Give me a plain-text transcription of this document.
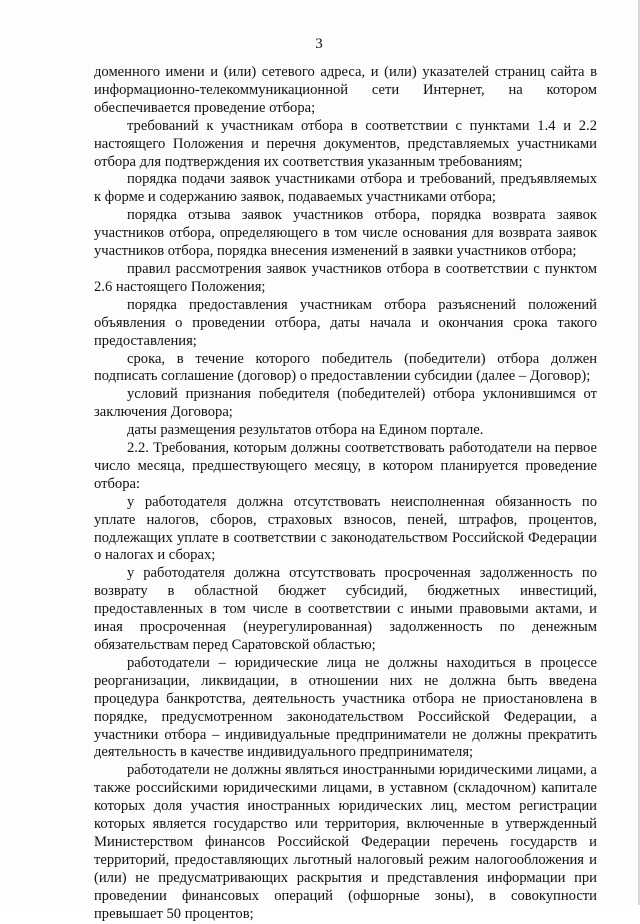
3

доменного имени и (или) сетевого адреса, и (или) указателей страниц сайта в информационно-телекоммуникационной сети Интернет, на котором обеспечивается проведение отбора;

требований к участникам отбора в соответствии с пунктами 1.4 и 2.2 настоящего Положения и перечня документов, представляемых участниками отбора для подтверждения их соответствия указанным требованиям;

порядка подачи заявок участниками отбора и требований, предъявляемых к форме и содержанию заявок, подаваемых участниками отбора;

порядка отзыва заявок участников отбора, порядка возврата заявок участников отбора, определяющего в том числе основания для возврата заявок участников отбора, порядка внесения изменений в заявки участников отбора;

правил рассмотрения заявок участников отбора в соответствии с пунктом 2.6 настоящего Положения;

порядка предоставления участникам отбора разъяснений положений объявления о проведении отбора, даты начала и окончания срока такого предоставления;

срока, в течение которого победитель (победители) отбора должен подписать соглашение (договор) о предоставлении субсидии (далее – Договор);

условий признания победителя (победителей) отбора уклонившимся от заключения Договора;

даты размещения результатов отбора на Едином портале.

2.2. Требования, которым должны соответствовать работодатели на первое число месяца, предшествующего месяцу, в котором планируется проведение отбора:

у работодателя должна отсутствовать неисполненная обязанность по уплате налогов, сборов, страховых взносов, пеней, штрафов, процентов, подлежащих уплате в соответствии с законодательством Российской Федерации о налогах и сборах;

у работодателя должна отсутствовать просроченная задолженность по возврату в областной бюджет субсидий, бюджетных инвестиций, предоставленных в том числе в соответствии с иными правовыми актами, и иная просроченная (неурегулированная) задолженность по денежным обязательствам перед Саратовской областью;

работодатели – юридические лица не должны находиться в процессе реорганизации, ликвидации, в отношении них не должна быть введена процедура банкротства, деятельность участника отбора не приостановлена в порядке, предусмотренном законодательством Российской Федерации, а участники отбора – индивидуальные предприниматели не должны прекратить деятельность в качестве индивидуального предпринимателя;

работодатели не должны являться иностранными юридическими лицами, а также российскими юридическими лицами, в уставном (складочном) капитале которых доля участия иностранных юридических лиц, местом регистрации которых является государство или территория, включенные в утвержденный Министерством финансов Российской Федерации перечень государств и территорий, предоставляющих льготный налоговый режим налогообложения и (или) не предусматривающих раскрытия и представления информации при проведении финансовых операций (офшорные зоны), в совокупности превышает 50 процентов;
